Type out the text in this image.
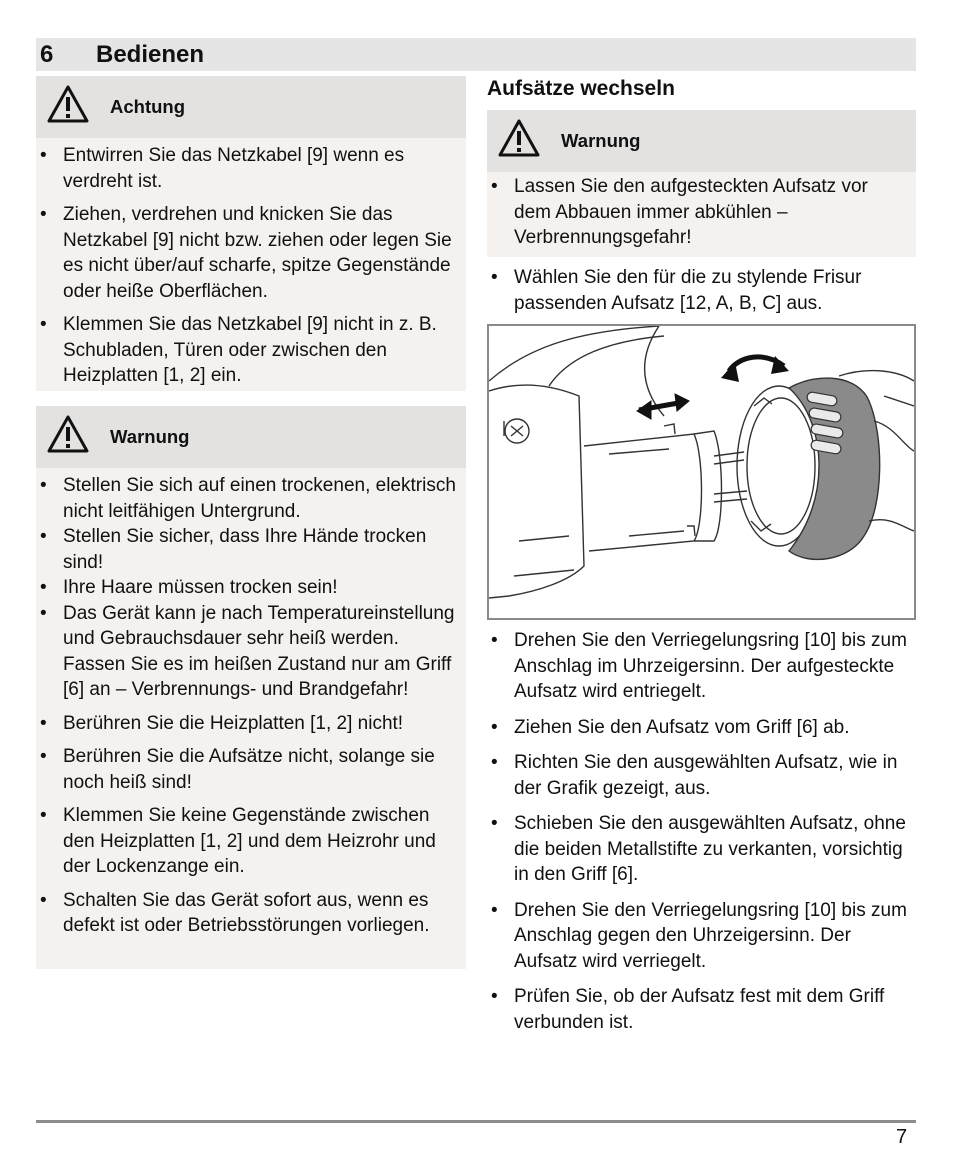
6 Bedienen
Achtung
• Entwirren Sie das Netzkabel [9] wenn es verdreht ist.
• Ziehen, verdrehen und knicken Sie das Netzkabel [9] nicht bzw. ziehen oder legen Sie es nicht über/auf scharfe, spitze Gegenstände oder heiße Oberflächen.
• Klemmen Sie das Netzkabel [9] nicht in z. B. Schubladen, Türen oder zwischen den Heizplatten [1, 2] ein.
Warnung
• Stellen Sie sich auf einen trockenen, elektrisch nicht leitfähigen Untergrund.
• Stellen Sie sicher, dass Ihre Hände trocken sind!
• Ihre Haare müssen trocken sein!
• Das Gerät kann je nach Temperatureinstellung und Gebrauchsdauer sehr heiß werden. Fassen Sie es im heißen Zustand nur am Griff [6] an – Verbrennungs- und Brandgefahr!
• Berühren Sie die Heizplatten [1, 2] nicht!
• Berühren Sie die Aufsätze nicht, solange sie noch heiß sind!
• Klemmen Sie keine Gegenstände zwischen den Heizplatten [1, 2] und dem Heizrohr und der Lockenzange ein.
• Schalten Sie das Gerät sofort aus, wenn es defekt ist oder Betriebsstörungen vorliegen.
Aufsätze wechseln
Warnung
• Lassen Sie den aufgesteckten Aufsatz vor dem Abbauen immer abkühlen – Verbrennungsgefahr!
• Wählen Sie den für die zu stylende Frisur passenden Aufsatz [12, A, B, C] aus.
• Drehen Sie den Verriegelungsring [10] bis zum Anschlag im Uhrzeigersinn. Der aufgesteckte Aufsatz wird entriegelt.
• Ziehen Sie den Aufsatz vom Griff [6] ab.
• Richten Sie den ausgewählten Aufsatz, wie in der Grafik gezeigt, aus.
• Schieben Sie den ausgewählten Aufsatz, ohne die beiden Metallstifte zu verkanten, vorsichtig in den Griff [6].
• Drehen Sie den Verriegelungsring [10] bis zum Anschlag gegen den Uhrzeigersinn. Der Aufsatz wird verriegelt.
• Prüfen Sie, ob der Aufsatz fest mit dem Griff verbunden ist.
7
